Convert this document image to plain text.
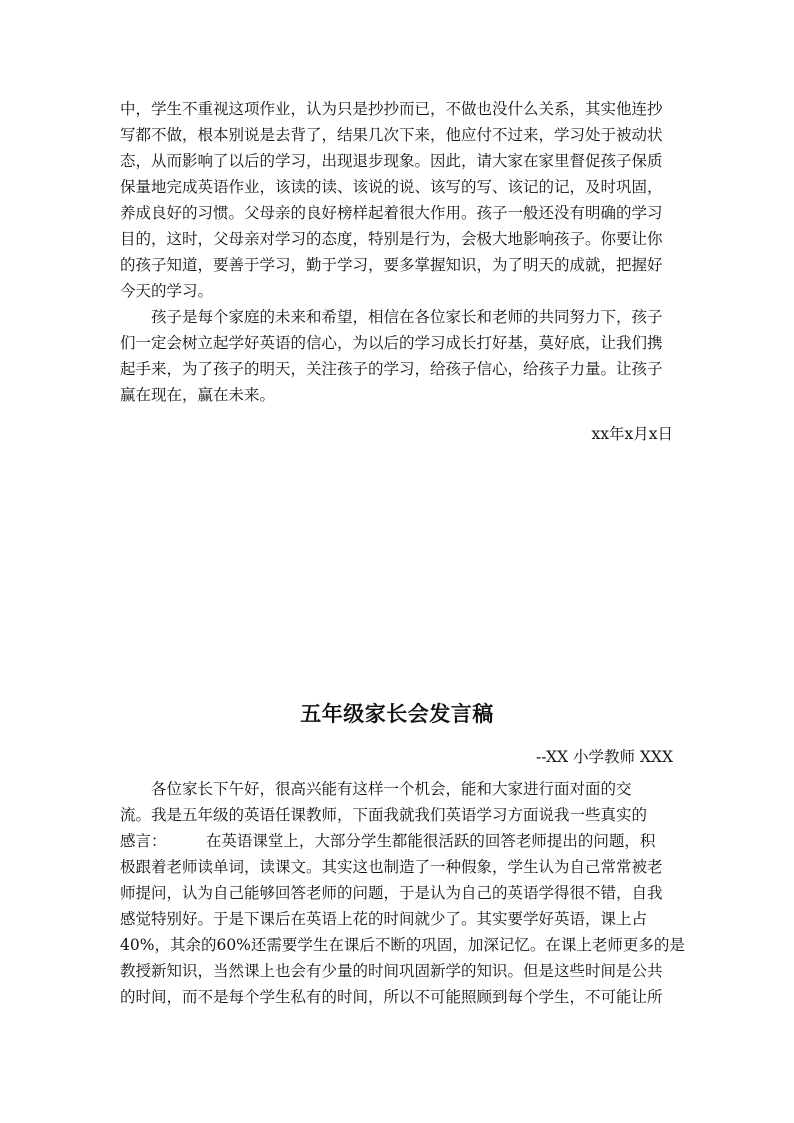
中，学生不重视这项作业，认为只是抄抄而已，不做也没什么关系，其实他连抄
写都不做，根本别说是去背了，结果几次下来，他应付不过来，学习处于被动状
态，从而影响了以后的学习，出现退步现象。因此，请大家在家里督促孩子保质
保量地完成英语作业，该读的读、该说的说、该写的写、该记的记，及时巩固，
养成良好的习惯。父母亲的良好榜样起着很大作用。孩子一般还没有明确的学习
目的，这时，父母亲对学习的态度，特别是行为，会极大地影响孩子。你要让你
的孩子知道，要善于学习，勤于学习，要多掌握知识，为了明天的成就，把握好
今天的学习。
孩子是每个家庭的未来和希望，相信在各位家长和老师的共同努力下，孩子
们一定会树立起学好英语的信心，为以后的学习成长打好基，莫好底，让我们携
起手来，为了孩子的明天，关注孩子的学习，给孩子信心，给孩子力量。让孩子
赢在现在，赢在未来。
xx年x月x日
五年级家长会发言稿
--XX 小学教师 XXX
各位家长下午好，很高兴能有这样一个机会，能和大家进行面对面的交
流。我是五年级的英语任课教师，下面我就我们英语学习方面说我一些真实的
感言：        在英语课堂上，大部分学生都能很活跃的回答老师提出的问题，积
极跟着老师读单词，读课文。其实这也制造了一种假象，学生认为自己常常被老
师提问，认为自己能够回答老师的问题，于是认为自己的英语学得很不错，自我
感觉特别好。于是下课后在英语上花的时间就少了。其实要学好英语，课上占
40%，其余的60%还需要学生在课后不断的巩固，加深记忆。在课上老师更多的是
教授新知识，当然课上也会有少量的时间巩固新学的知识。但是这些时间是公共
的时间，而不是每个学生私有的时间，所以不可能照顾到每个学生，不可能让所
